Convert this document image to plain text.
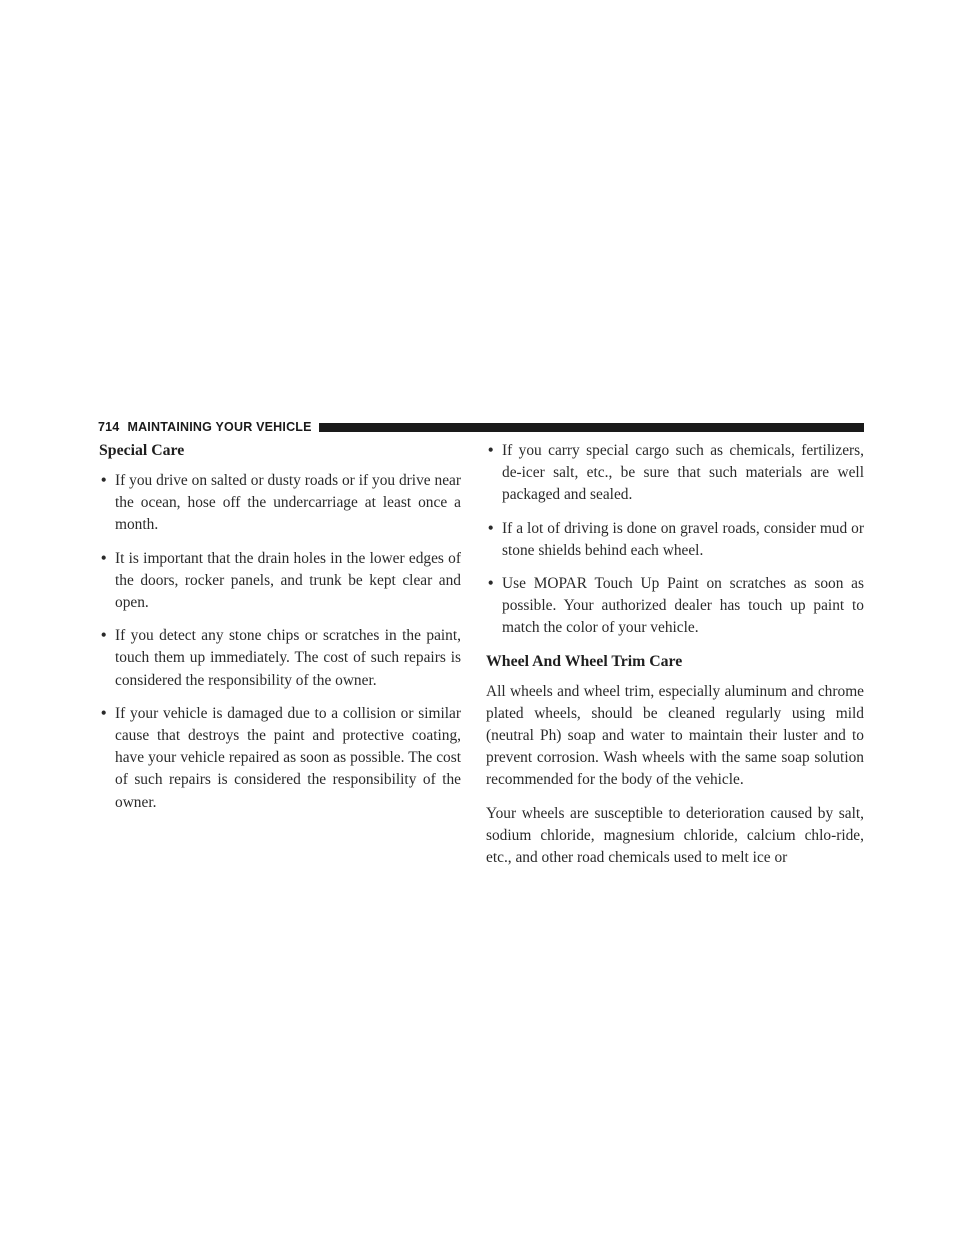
714 MAINTAINING YOUR VEHICLE
Special Care
• If you drive on salted or dusty roads or if you drive near the ocean, hose off the undercarriage at least once a month.
• It is important that the drain holes in the lower edges of the doors, rocker panels, and trunk be kept clear and open.
• If you detect any stone chips or scratches in the paint, touch them up immediately. The cost of such repairs is considered the responsibility of the owner.
• If your vehicle is damaged due to a collision or similar cause that destroys the paint and protective coating, have your vehicle repaired as soon as possible. The cost of such repairs is considered the responsibility of the owner.
• If you carry special cargo such as chemicals, fertilizers, de-icer salt, etc., be sure that such materials are well packaged and sealed.
• If a lot of driving is done on gravel roads, consider mud or stone shields behind each wheel.
• Use MOPAR Touch Up Paint on scratches as soon as possible. Your authorized dealer has touch up paint to match the color of your vehicle.
Wheel And Wheel Trim Care

All wheels and wheel trim, especially aluminum and chrome plated wheels, should be cleaned regularly using mild (neutral Ph) soap and water to maintain their luster and to prevent corrosion. Wash wheels with the same soap solution recommended for the body of the vehicle.

Your wheels are susceptible to deterioration caused by salt, sodium chloride, magnesium chloride, calcium chlo-ride, etc., and other road chemicals used to melt ice or
